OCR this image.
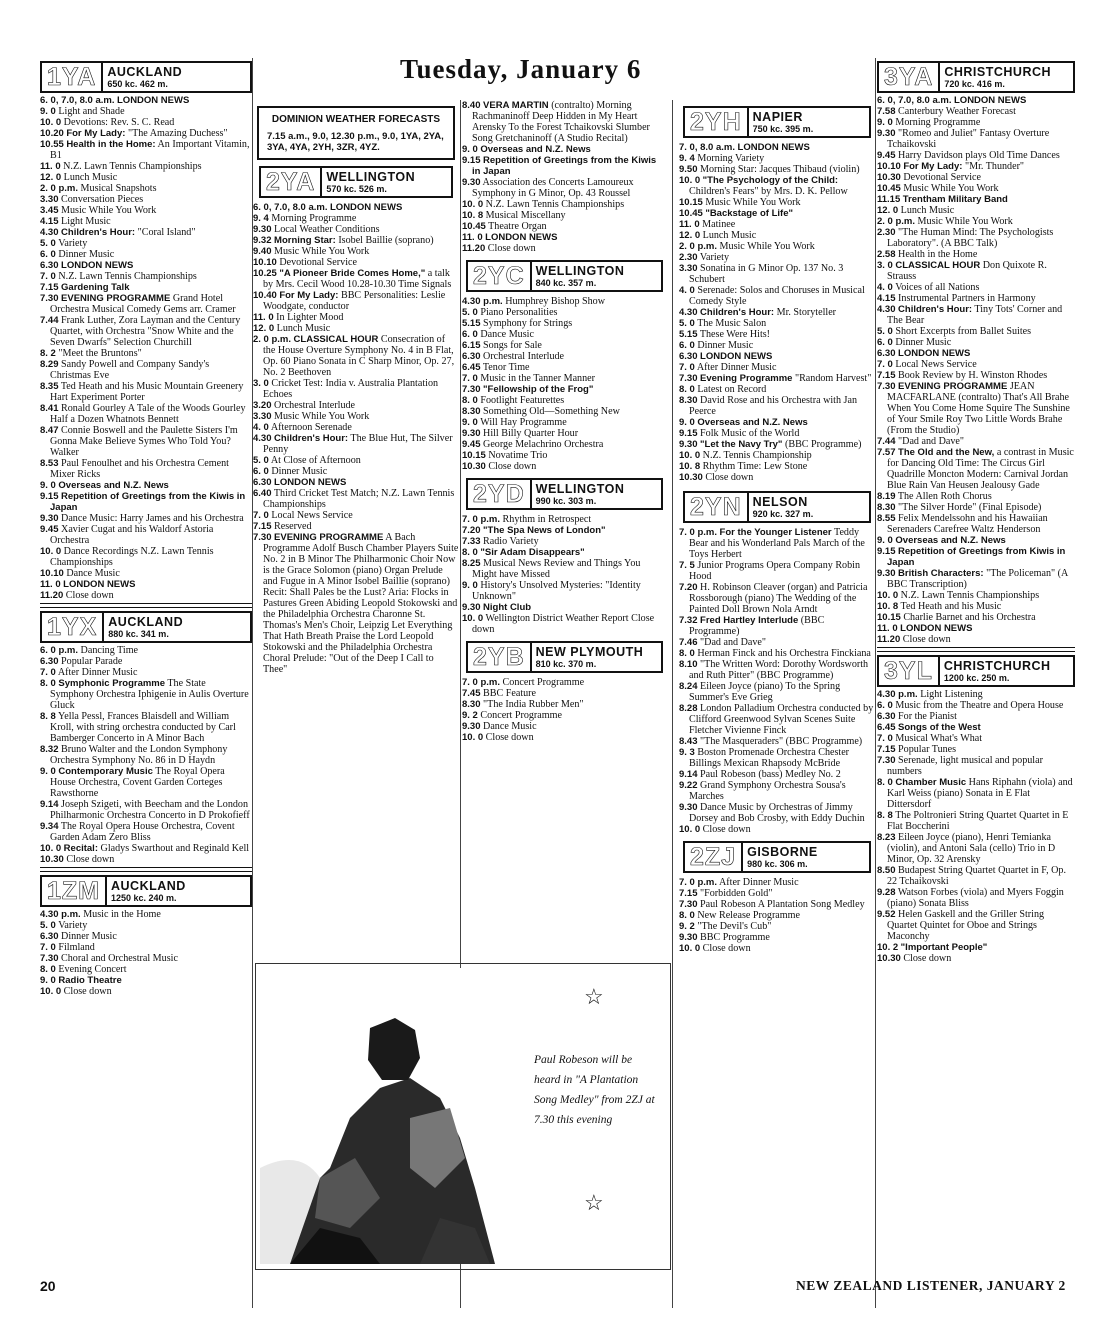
Tuesday, January 6
1YA AUCKLAND
650 kc. 462 m.

6. 0, 7.0, 8.0 a.m. LONDON NEWS

9. 0 Light and Shade

10. 0 Devotions: Rev. S. C. Read

10.20 For My Lady: "The Amazing Duchess"

10.55 Health in the Home: An Important Vitamin, B1

11. 0 N.Z. Lawn Tennis Championships

12. 0 Lunch Music

2. 0 p.m. Musical Snapshots

3.30 Conversation Pieces

3.45 Music While You Work

4.15 Light Music

4.30 Children's Hour: "Coral Island"

5. 0 Variety

6. 0 Dinner Music

6.30 LONDON NEWS

7. 0 N.Z. Lawn Tennis Championships

7.15 Gardening Talk

7.30 EVENING PROGRAMME Grand Hotel Orchestra Musical Comedy Gems arr. Cramer

7.44 Frank Luther, Zora Layman and the Century Quartet, with Orchestra "Snow White and the Seven Dwarfs" Selection Churchill

8. 2 "Meet the Bruntons"

8.29 Sandy Powell and Company Sandy's Christmas Eve

8.35 Ted Heath and his Music Mountain Greenery Hart Experiment Porter

8.41 Ronald Gourley A Tale of the Woods Gourley Half a Dozen Whatnots Bennett

8.47 Connie Boswell and the Paulette Sisters I'm Gonna Make Believe Symes Who Told You? Walker

8.53 Paul Fenoulhet and his Orchestra Cement Mixer Ricks

9. 0 Overseas and N.Z. News

9.15 Repetition of Greetings from the Kiwis in Japan

9.30 Dance Music: Harry James and his Orchestra

9.45 Xavier Cugat and his Waldorf Astoria Orchestra

10. 0 Dance Recordings N.Z. Lawn Tennis Championships

10.10 Dance Music

11. 0 LONDON NEWS

11.20 Close down

1YX AUCKLAND
880 kc. 341 m.

6. 0 p.m. Dancing Time

6.30 Popular Parade

7. 0 After Dinner Music

8. 0 Symphonic Programme The State Symphony Orchestra Iphigenie in Aulis Overture Gluck

8. 8 Yella Pessl, Frances Blaisdell and William Kroll, with string orchestra conducted by Carl Bamberger Concerto in A Minor Bach

8.32 Bruno Walter and the London Symphony Orchestra Symphony No. 86 in D Haydn

9. 0 Contemporary Music The Royal Opera House Orchestra, Covent Garden Corteges Rawsthorne

9.14 Joseph Szigeti, with Beecham and the London Philharmonic Orchestra Concerto in D Prokofieff

9.34 The Royal Opera House Orchestra, Covent Garden Adam Zero Bliss

10. 0 Recital: Gladys Swarthout and Reginald Kell

10.30 Close down

1ZM AUCKLAND
1250 kc. 240 m.

4.30 p.m. Music in the Home

5. 0 Variety

6.30 Dinner Music

7. 0 Filmland

7.30 Choral and Orchestral Music

8. 0 Evening Concert

9. 0 Radio Theatre

10. 0 Close down

DOMINION WEATHER FORECASTS
7.15 a.m., 9.0, 12.30 p.m., 9.0, 1YA, 2YA, 3YA, 4YA, 2YH, 3ZR, 4YZ.
2YA WELLINGTON
570 kc. 526 m.

6. 0, 7.0, 8.0 a.m. LONDON NEWS

9. 4 Morning Programme

9.30 Local Weather Conditions

9.32 Morning Star: Isobel Baillie (soprano)

9.40 Music While You Work

10.10 Devotional Service

10.25 "A Pioneer Bride Comes Home," a talk by Mrs. Cecil Wood 10.28-10.30 Time Signals

10.40 For My Lady: BBC Personalities: Leslie Woodgate, conductor

11. 0 In Lighter Mood

12. 0 Lunch Music

2. 0 p.m. CLASSICAL HOUR Consecration of the House Overture Symphony No. 4 in B Flat, Op. 60 Piano Sonata in C Sharp Minor, Op. 27, No. 2 Beethoven

3. 0 Cricket Test: India v. Australia Plantation Echoes

3.20 Orchestral Interlude

3.30 Music While You Work

4. 0 Afternoon Serenade

4.30 Children's Hour: The Blue Hut, The Silver Penny

5. 0 At Close of Afternoon

6. 0 Dinner Music

6.30 LONDON NEWS

6.40 Third Cricket Test Match; N.Z. Lawn Tennis Championships

7. 0 Local News Service

7.15 Reserved

7.30 EVENING PROGRAMME A Bach Programme Adolf Busch Chamber Players Suite No. 2 in B Minor The Philharmonic Choir Now is the Grace Solomon (piano) Organ Prelude and Fugue in A Minor Isobel Baillie (soprano) Recit: Shall Pales be the Lust? Aria: Flocks in Pastures Green Abiding Leopold Stokowski and the Philadelphia Orchestra Charonne St. Thomas's Men's Choir, Leipzig Let Everything That Hath Breath Praise the Lord Leopold Stokowski and the Philadelphia Orchestra Choral Prelude: "Out of the Deep I Call to Thee"

8.40 VERA MARTIN (contralto) Morning Rachmaninoff Deep Hidden in My Heart Arensky To the Forest Tchaikovski Slumber Song Gretchaninoff (A Studio Recital)

9. 0 Overseas and N.Z. News

9.15 Repetition of Greetings from the Kiwis in Japan

9.30 Association des Concerts Lamoureux Symphony in G Minor, Op. 43 Roussel

10. 0 N.Z. Lawn Tennis Championships

10. 8 Musical Miscellany

10.45 Theatre Organ

11. 0 LONDON NEWS

11.20 Close down

2YC WELLINGTON
840 kc. 357 m.

4.30 p.m. Humphrey Bishop Show

5. 0 Piano Personalities

5.15 Symphony for Strings

6. 0 Dance Music

6.15 Songs for Sale

6.30 Orchestral Interlude

6.45 Tenor Time

7. 0 Music in the Tanner Manner

7.30 "Fellowship of the Frog"

8. 0 Footlight Featurettes

8.30 Something Old—Something New

9. 0 Will Hay Programme

9.30 Hill Billy Quarter Hour

9.45 George Melachrino Orchestra

10.15 Novatime Trio

10.30 Close down

2YD WELLINGTON
990 kc. 303 m.

7. 0 p.m. Rhythm in Retrospect

7.20 "The Spa News of London"

7.33 Radio Variety

8. 0 "Sir Adam Disappears"

8.25 Musical News Review and Things You Might have Missed

9. 0 History's Unsolved Mysteries: "Identity Unknown"

9.30 Night Club

10. 0 Wellington District Weather Report Close down

2YB NEW PLYMOUTH
810 kc. 370 m.

7. 0 p.m. Concert Programme

7.45 BBC Feature

8.30 "The India Rubber Men"

9. 2 Concert Programme

9.30 Dance Music

10. 0 Close down

2YH NAPIER
750 kc. 395 m.

7. 0, 8.0 a.m. LONDON NEWS

9. 4 Morning Variety

9.50 Morning Star: Jacques Thibaud (violin)

10. 0 "The Psychology of the Child: Children's Fears" by Mrs. D. K. Pellow

10.15 Music While You Work

10.45 "Backstage of Life"

11. 0 Matinee

12. 0 Lunch Music

2. 0 p.m. Music While You Work

2.30 Variety

3.30 Sonatina in G Minor Op. 137 No. 3 Schubert

4. 0 Serenade: Solos and Choruses in Musical Comedy Style

4.30 Children's Hour: Mr. Storyteller

5. 0 The Music Salon

5.15 These Were Hits!

6. 0 Dinner Music

6.30 LONDON NEWS

7. 0 After Dinner Music

7.30 Evening Programme "Random Harvest"

8. 0 Latest on Record

8.30 David Rose and his Orchestra with Jan Peerce

9. 0 Overseas and N.Z. News

9.15 Folk Music of the World

9.30 "Let the Navy Try" (BBC Programme)

10. 0 N.Z. Tennis Championship

10. 8 Rhythm Time: Lew Stone

10.30 Close down

2YN NELSON
920 kc. 327 m.

7. 0 p.m. For the Younger Listener Teddy Bear and his Wonderland Pals March of the Toys Herbert

7. 5 Junior Programs Opera Company Robin Hood

7.20 H. Robinson Cleaver (organ) and Patricia Rossborough (piano) The Wedding of the Painted Doll Brown Nola Arndt

7.32 Fred Hartley Interlude (BBC Programme)

7.46 "Dad and Dave"

8. 0 Herman Finck and his Orchestra Finckiana

8.10 "The Written Word: Dorothy Wordsworth and Ruth Pitter" (BBC Programme)

8.24 Eileen Joyce (piano) To the Spring Summer's Eve Grieg

8.28 London Palladium Orchestra conducted by Clifford Greenwood Sylvan Scenes Suite Fletcher Vivienne Finck

8.43 "The Masqueraders" (BBC Programme)

9. 3 Boston Promenade Orchestra Chester Billings Mexican Rhapsody McBride

9.14 Paul Robeson (bass) Medley No. 2

9.22 Grand Symphony Orchestra Sousa's Marches

9.30 Dance Music by Orchestras of Jimmy Dorsey and Bob Crosby, with Eddy Duchin

10. 0 Close down

2ZJ GISBORNE
980 kc. 306 m.

7. 0 p.m. After Dinner Music

7.15 "Forbidden Gold"

7.30 Paul Robeson A Plantation Song Medley

8. 0 New Release Programme

9. 2 "The Devil's Cub"

9.30 BBC Programme

10. 0 Close down

3YA CHRISTCHURCH
720 kc. 416 m.

6. 0, 7.0, 8.0 a.m. LONDON NEWS

7.58 Canterbury Weather Forecast

9. 0 Morning Programme

9.30 "Romeo and Juliet" Fantasy Overture Tchaikovski

9.45 Harry Davidson plays Old Time Dances

10.10 For My Lady: "Mr. Thunder"

10.30 Devotional Service

10.45 Music While You Work

11.15 Trentham Military Band

12. 0 Lunch Music

2. 0 p.m. Music While You Work

2.30 "The Human Mind: The Psychologists Laboratory". (A BBC Talk)

2.58 Health in the Home

3. 0 CLASSICAL HOUR Don Quixote R. Strauss

4. 0 Voices of all Nations

4.15 Instrumental Partners in Harmony

4.30 Children's Hour: Tiny Tots' Corner and The Bear

5. 0 Short Excerpts from Ballet Suites

6. 0 Dinner Music

6.30 LONDON NEWS

7. 0 Local News Service

7.15 Book Review by H. Winston Rhodes

7.30 EVENING PROGRAMME JEAN MACFARLANE (contralto) That's All Brahe When You Come Home Squire The Sunshine of Your Smile Roy Two Little Words Brahe (From the Studio)

7.44 "Dad and Dave"

7.57 The Old and the New, a contrast in Music for Dancing Old Time: The Circus Girl Quadrille Moncton Modern: Carnival Jordan Blue Rain Van Heusen Jealousy Gade

8.19 The Allen Roth Chorus

8.30 "The Silver Horde" (Final Episode)

8.55 Felix Mendelssohn and his Hawaiian Serenaders Carefree Waltz Henderson

9. 0 Overseas and N.Z. News

9.15 Repetition of Greetings from Kiwis in Japan

9.30 British Characters: "The Policeman" (A BBC Transcription)

10. 0 N.Z. Lawn Tennis Championships

10. 8 Ted Heath and his Music

10.15 Charlie Barnet and his Orchestra

11. 0 LONDON NEWS

11.20 Close down

3YL CHRISTCHURCH
1200 kc. 250 m.

4.30 p.m. Light Listening

6. 0 Music from the Theatre and Opera House

6.30 For the Pianist

6.45 Songs of the West

7. 0 Musical What's What

7.15 Popular Tunes

7.30 Serenade, light musical and popular numbers

8. 0 Chamber Music Hans Riphahn (viola) and Karl Weiss (piano) Sonata in E Flat Dittersdorf

8. 8 The Poltronieri String Quartet Quartet in E Flat Boccherini

8.23 Eileen Joyce (piano), Henri Temianka (violin), and Antoni Sala (cello) Trio in D Minor, Op. 32 Arensky

8.50 Budapest String Quartet Quartet in F, Op. 22 Tchaikovski

9.28 Watson Forbes (viola) and Myers Foggin (piano) Sonata Bliss

9.52 Helen Gaskell and the Griller String Quartet Quintet for Oboe and Strings Maconchy

10. 2 "Important People"

10.30 Close down

Paul Robeson will be heard in "A Plantation Song Medley" from 2ZJ at 7.30 this evening
☆
☆
20	NEW ZEALAND LISTENER, JANUARY 2
